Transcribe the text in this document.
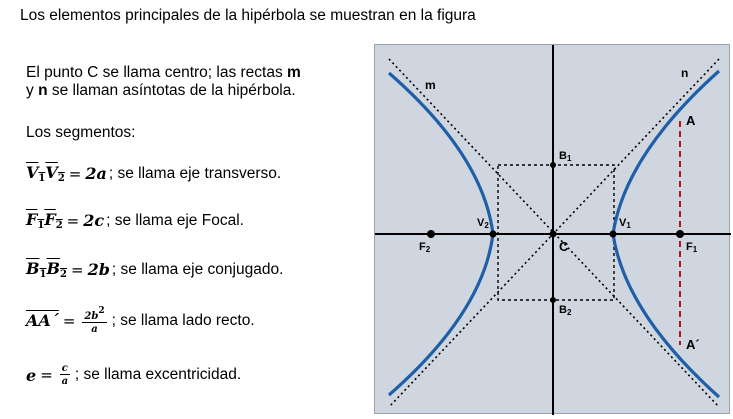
Los elementos principales de la hipérbola se muestran en la figura
El punto C se llama centro; las rectas m
y n se llaman asíntotas de la hipérbola.
Los segmentos:
$V_1V_2 = 2a$ ; se llama eje transverso.
$F_1F_2 = 2c$ ; se llama eje Focal.
$B_1B_2 = 2b$ ; se llama eje conjugado.
AA´ = $\frac{2b^2}{a}$ ; se llama lado recto.
$e = \frac{c}{a}$ ; se llama excentricidad.
m
n
A
A´
B1
B2
C
V1
V2
F1
F2
